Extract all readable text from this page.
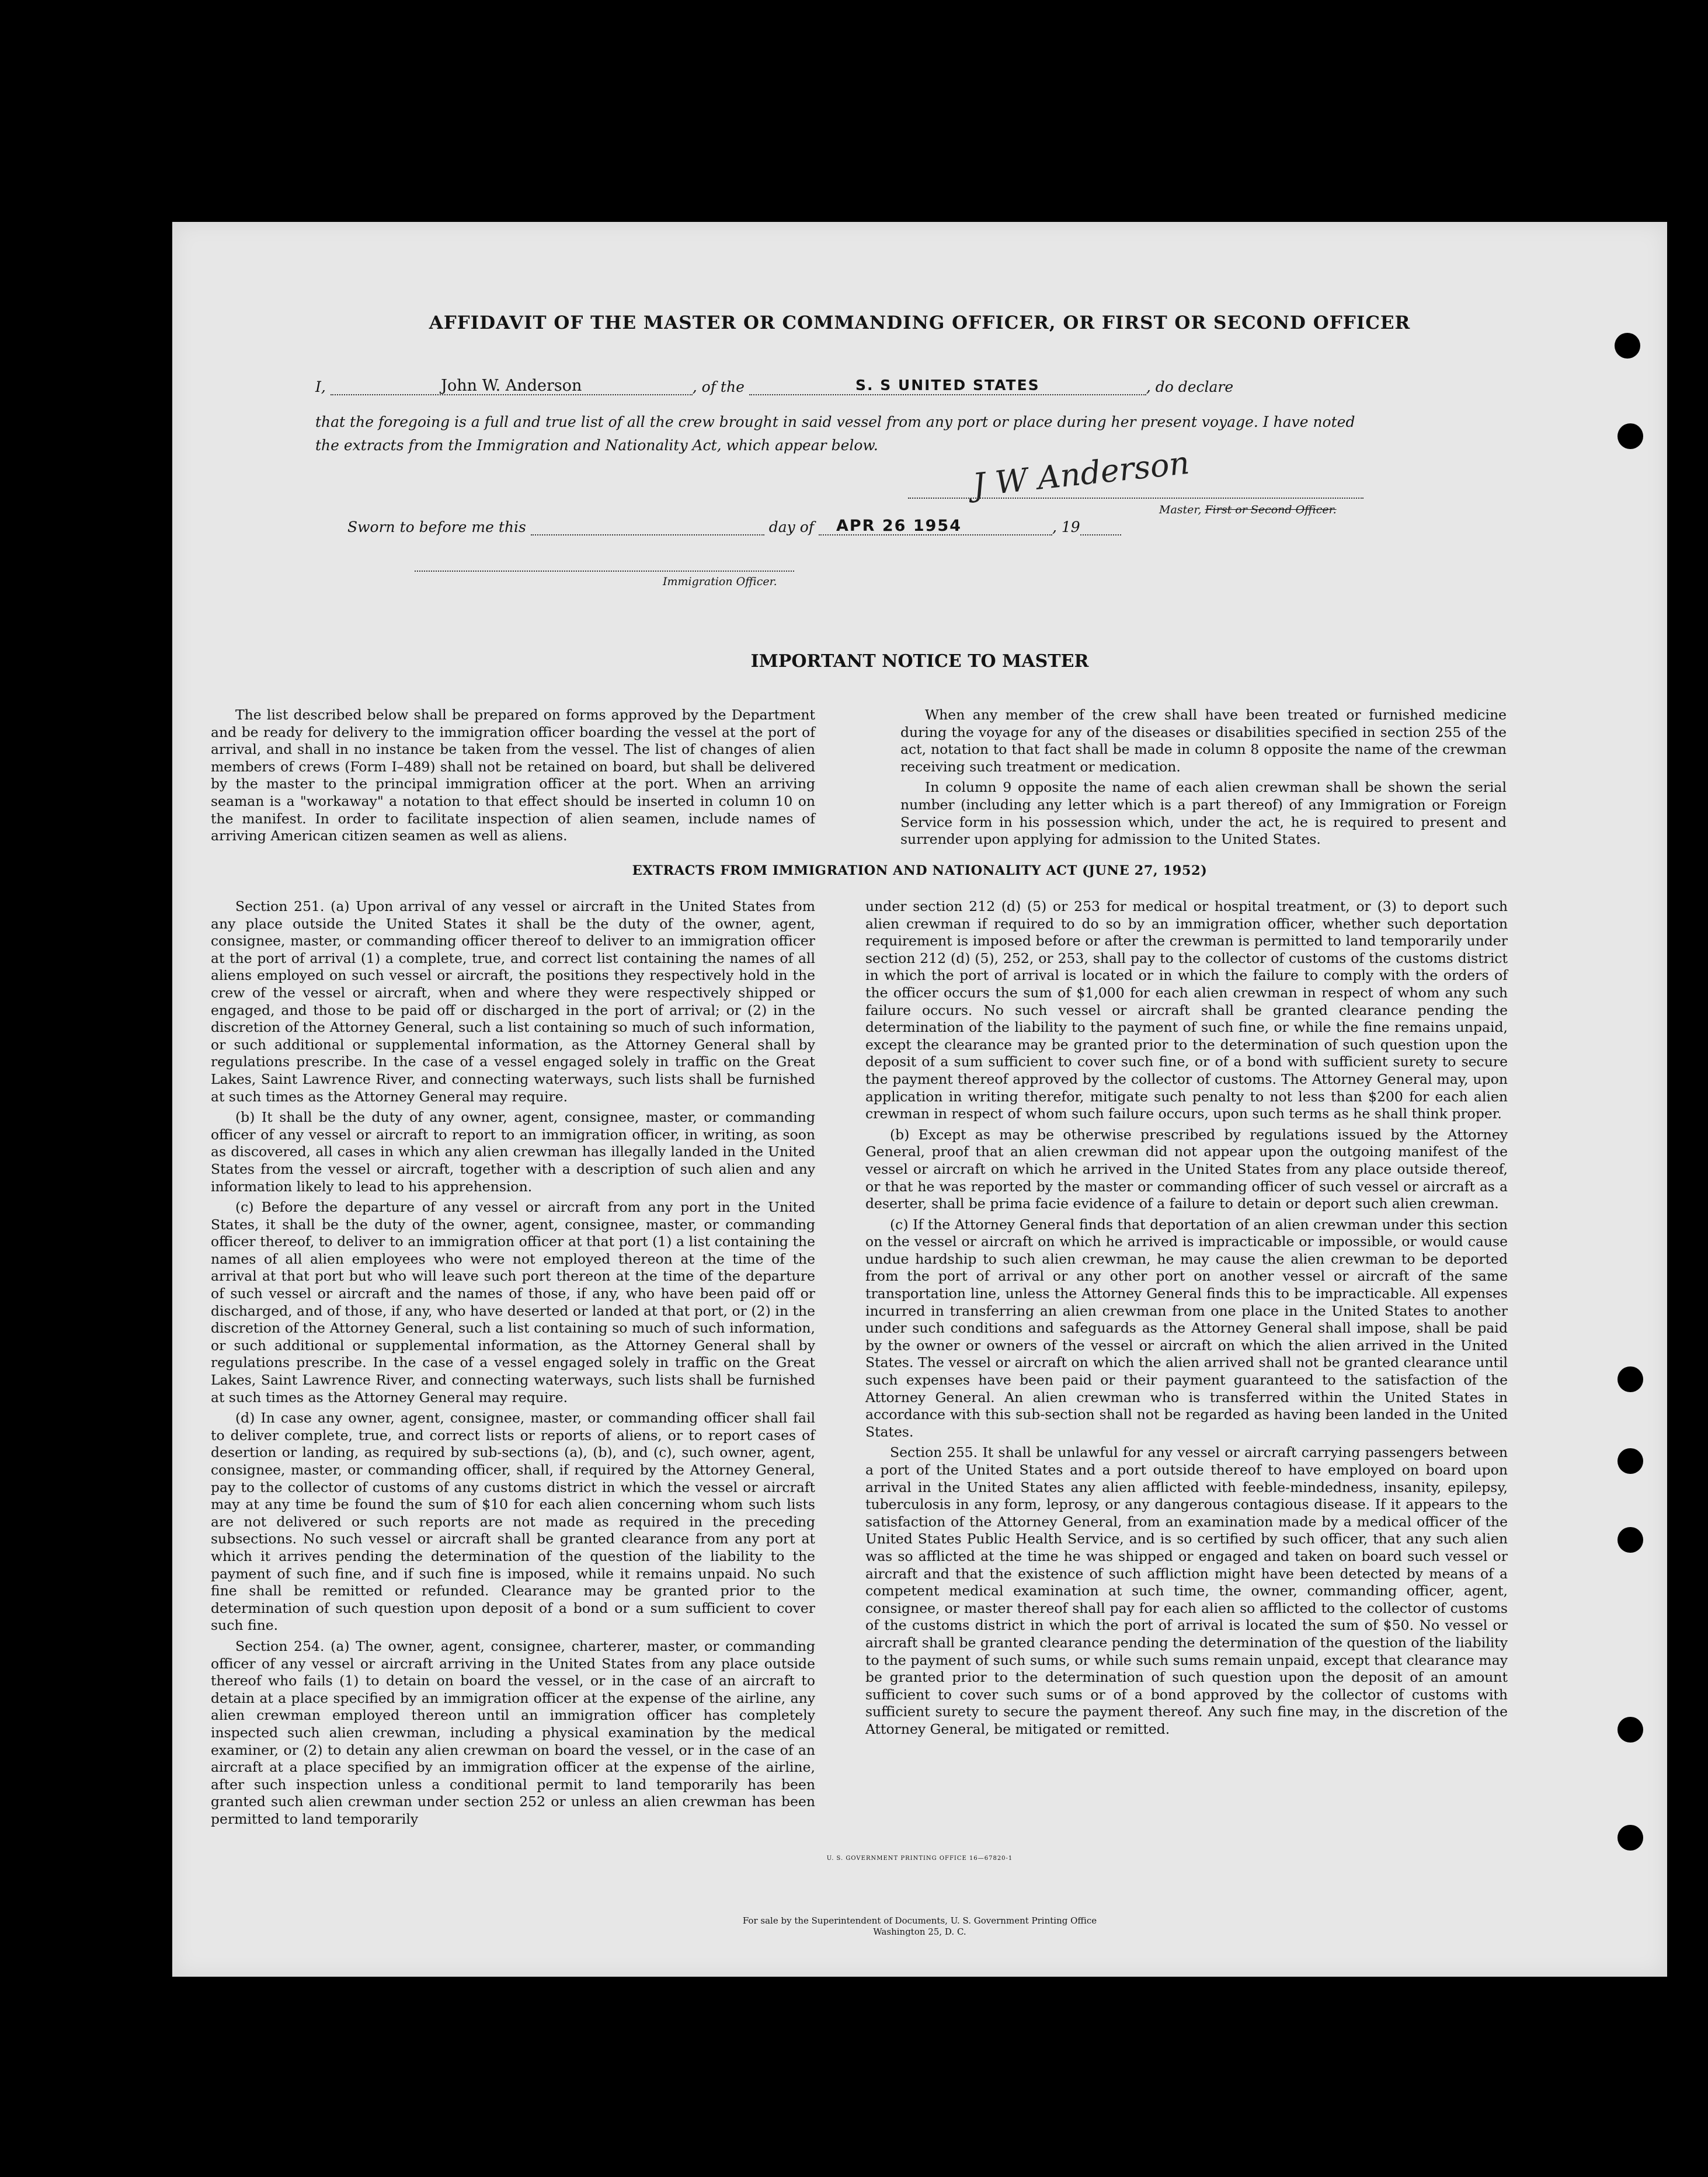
AFFIDAVIT OF THE MASTER OR COMMANDING OFFICER, OR FIRST OR SECOND OFFICER
I,	John W. Anderson	, of the	S. S UNITED STATES	, do declare
that the foregoing is a full and true list of all the crew brought in said vessel from any port or place during her present voyage. I have noted
the extracts from the Immigration and Nationality Act, which appear below.	J W Anderson
Master, First or Second Officer.
Sworn to before me this	day of APR 26 1954	, 19
Immigration Officer.
IMPORTANT NOTICE TO MASTER

The list described below shall be prepared on forms approved by the Department and be ready for delivery to the immigration officer boarding the vessel at the port of arrival, and shall in no instance be taken from the vessel. The list of changes of alien members of crews (Form I–489) shall not be retained on board, but shall be delivered by the master to the principal immigration officer at the port. When an arriving seaman is a "workaway" a notation to that effect should be inserted in column 10 on the manifest. In order to facilitate inspection of alien seamen, include names of arriving American citizen seamen as well as aliens.

When any member of the crew shall have been treated or furnished medicine during the voyage for any of the diseases or disabilities specified in section 255 of the act, notation to that fact shall be made in column 8 opposite the name of the crewman receiving such treatment or medication.

In column 9 opposite the name of each alien crewman shall be shown the serial number (including any letter which is a part thereof) of any Immigration or Foreign Service form in his possession which, under the act, he is required to present and surrender upon applying for admission to the United States.

EXTRACTS FROM IMMIGRATION AND NATIONALITY ACT (JUNE 27, 1952)

Section 251. (a) Upon arrival of any vessel or aircraft in the United States from any place outside the United States it shall be the duty of the owner, agent, consignee, master, or commanding officer thereof to deliver to an immigration officer at the port of arrival (1) a complete, true, and correct list containing the names of all aliens employed on such vessel or aircraft, the positions they respectively hold in the crew of the vessel or aircraft, when and where they were respectively shipped or engaged, and those to be paid off or discharged in the port of arrival; or (2) in the discretion of the Attorney General, such a list containing so much of such information, or such additional or supplemental information, as the Attorney General shall by regulations prescribe. In the case of a vessel engaged solely in traffic on the Great Lakes, Saint Lawrence River, and connecting waterways, such lists shall be furnished at such times as the Attorney General may require.

(b) It shall be the duty of any owner, agent, consignee, master, or commanding officer of any vessel or aircraft to report to an immigration officer, in writing, as soon as discovered, all cases in which any alien crewman has illegally landed in the United States from the vessel or aircraft, together with a description of such alien and any information likely to lead to his apprehension.

(c) Before the departure of any vessel or aircraft from any port in the United States, it shall be the duty of the owner, agent, consignee, master, or commanding officer thereof, to deliver to an immigration officer at that port (1) a list containing the names of all alien employees who were not employed thereon at the time of the arrival at that port but who will leave such port thereon at the time of the departure of such vessel or aircraft and the names of those, if any, who have been paid off or discharged, and of those, if any, who have deserted or landed at that port, or (2) in the discretion of the Attorney General, such a list containing so much of such information, or such additional or supplemental information, as the Attorney General shall by regulations prescribe. In the case of a vessel engaged solely in traffic on the Great Lakes, Saint Lawrence River, and connecting waterways, such lists shall be furnished at such times as the Attorney General may require.

(d) In case any owner, agent, consignee, master, or commanding officer shall fail to deliver complete, true, and correct lists or reports of aliens, or to report cases of desertion or landing, as required by sub-sections (a), (b), and (c), such owner, agent, consignee, master, or commanding officer, shall, if required by the Attorney General, pay to the collector of customs of any customs district in which the vessel or aircraft may at any time be found the sum of $10 for each alien concerning whom such lists are not delivered or such reports are not made as required in the preceding subsections. No such vessel or aircraft shall be granted clearance from any port at which it arrives pending the determination of the question of the liability to the payment of such fine, and if such fine is imposed, while it remains unpaid. No such fine shall be remitted or refunded. Clearance may be granted prior to the determination of such question upon deposit of a bond or a sum sufficient to cover such fine.

Section 254. (a) The owner, agent, consignee, charterer, master, or commanding officer of any vessel or aircraft arriving in the United States from any place outside thereof who fails (1) to detain on board the vessel, or in the case of an aircraft to detain at a place specified by an immigration officer at the expense of the airline, any alien crewman employed thereon until an immigration officer has completely inspected such alien crewman, including a physical examination by the medical examiner, or (2) to detain any alien crewman on board the vessel, or in the case of an aircraft at a place specified by an immigration officer at the expense of the airline, after such inspection unless a conditional permit to land temporarily has been granted such alien crewman under section 252 or unless an alien crewman has been permitted to land temporarily

under section 212 (d) (5) or 253 for medical or hospital treatment, or (3) to deport such alien crewman if required to do so by an immigration officer, whether such deportation requirement is imposed before or after the crewman is permitted to land temporarily under section 212 (d) (5), 252, or 253, shall pay to the collector of customs of the customs district in which the port of arrival is located or in which the failure to comply with the orders of the officer occurs the sum of $1,000 for each alien crewman in respect of whom any such failure occurs. No such vessel or aircraft shall be granted clearance pending the determination of the liability to the payment of such fine, or while the fine remains unpaid, except the clearance may be granted prior to the determination of such question upon the deposit of a sum sufficient to cover such fine, or of a bond with sufficient surety to secure the payment thereof approved by the collector of customs. The Attorney General may, upon application in writing therefor, mitigate such penalty to not less than $200 for each alien crewman in respect of whom such failure occurs, upon such terms as he shall think proper.

(b) Except as may be otherwise prescribed by regulations issued by the Attorney General, proof that an alien crewman did not appear upon the outgoing manifest of the vessel or aircraft on which he arrived in the United States from any place outside thereof, or that he was reported by the master or commanding officer of such vessel or aircraft as a deserter, shall be prima facie evidence of a failure to detain or deport such alien crewman.

(c) If the Attorney General finds that deportation of an alien crewman under this section on the vessel or aircraft on which he arrived is impracticable or impossible, or would cause undue hardship to such alien crewman, he may cause the alien crewman to be deported from the port of arrival or any other port on another vessel or aircraft of the same transportation line, unless the Attorney General finds this to be impracticable. All expenses incurred in transferring an alien crewman from one place in the United States to another under such conditions and safeguards as the Attorney General shall impose, shall be paid by the owner or owners of the vessel or aircraft on which the alien arrived in the United States. The vessel or aircraft on which the alien arrived shall not be granted clearance until such expenses have been paid or their payment guaranteed to the satisfaction of the Attorney General. An alien crewman who is transferred within the United States in accordance with this sub-section shall not be regarded as having been landed in the United States.

Section 255. It shall be unlawful for any vessel or aircraft carrying passengers between a port of the United States and a port outside thereof to have employed on board upon arrival in the United States any alien afflicted with feeble-mindedness, insanity, epilepsy, tuberculosis in any form, leprosy, or any dangerous contagious disease. If it appears to the satisfaction of the Attorney General, from an examination made by a medical officer of the United States Public Health Service, and is so certified by such officer, that any such alien was so afflicted at the time he was shipped or engaged and taken on board such vessel or aircraft and that the existence of such affliction might have been detected by means of a competent medical examination at such time, the owner, commanding officer, agent, consignee, or master thereof shall pay for each alien so afflicted to the collector of customs of the customs district in which the port of arrival is located the sum of $50. No vessel or aircraft shall be granted clearance pending the determination of the question of the liability to the payment of such sums, or while such sums remain unpaid, except that clearance may be granted prior to the determination of such question upon the deposit of an amount sufficient to cover such sums or of a bond approved by the collector of customs with sufficient surety to secure the payment thereof. Any such fine may, in the discretion of the Attorney General, be mitigated or remitted.

U. S. GOVERNMENT PRINTING OFFICE 16—67820-1
For sale by the Superintendent of Documents, U. S. Government Printing Office
Washington 25, D. C.
